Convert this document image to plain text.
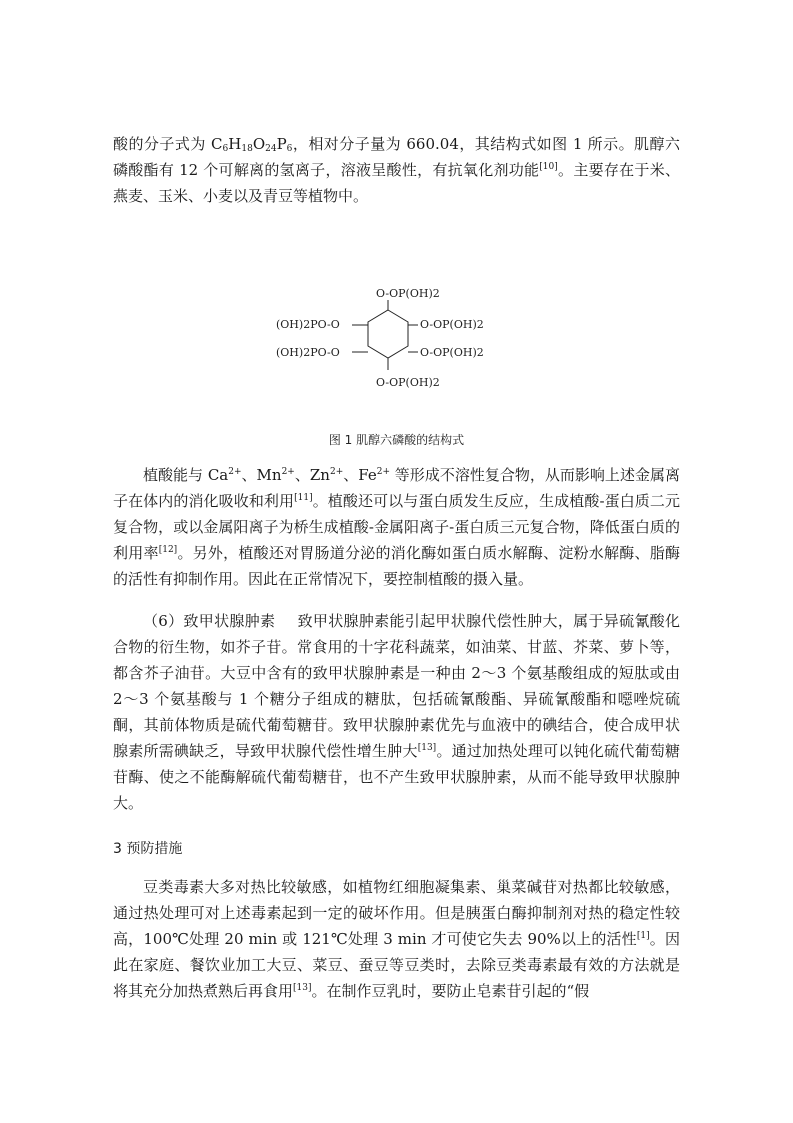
酸的分子式为 $C_6H_{18}O_{24}P_6$，相对分子量为 660.04，其结构式如图 1 所示。肌醇六磷酸酯有 12 个可解离的氢离子，溶液呈酸性，有抗氧化剂功能[10]。主要存在于米、燕麦、玉米、小麦以及青豆等植物中。

O-OP(OH)2
(OH)2PO-O	O-OP(OH)2
(OH)2PO-O	O-OP(OH)2
O-OP(OH)2
图 1 肌醇六磷酸的结构式

植酸能与 $Ca^{2+}$、$Mn^{2+}$、$Zn^{2+}$、$Fe^{2+}$ 等形成不溶性复合物，从而影响上述金属离子在体内的消化吸收和利用[11]。植酸还可以与蛋白质发生反应，生成植酸-蛋白质二元复合物，或以金属阳离子为桥生成植酸-金属阳离子-蛋白质三元复合物，降低蛋白质的利用率[12]。另外，植酸还对胃肠道分泌的消化酶如蛋白质水解酶、淀粉水解酶、脂酶的活性有抑制作用。因此在正常情况下，要控制植酸的摄入量。

（6）致甲状腺肿素 致甲状腺肿素能引起甲状腺代偿性肿大，属于异硫氰酸化合物的衍生物，如芥子苷。常食用的十字花科蔬菜，如油菜、甘蓝、芥菜、萝卜等，都含芥子油苷。大豆中含有的致甲状腺肿素是一种由 2～3 个氨基酸组成的短肽或由 2～3 个氨基酸与 1 个糖分子组成的糖肽，包括硫氰酸酯、异硫氰酸酯和噁唑烷硫酮，其前体物质是硫代葡萄糖苷。致甲状腺肿素优先与血液中的碘结合，使合成甲状腺素所需碘缺乏，导致甲状腺代偿性增生肿大[13]。通过加热处理可以钝化硫代葡萄糖苷酶、使之不能酶解硫代葡萄糖苷，也不产生致甲状腺肿素，从而不能导致甲状腺肿大。

3 预防措施

豆类毒素大多对热比较敏感，如植物红细胞凝集素、巢菜碱苷对热都比较敏感，通过热处理可对上述毒素起到一定的破坏作用。但是胰蛋白酶抑制剂对热的稳定性较高，100℃处理 20 min 或 121℃处理 3 min 才可使它失去 90%以上的活性[1]。因此在家庭、餐饮业加工大豆、菜豆、蚕豆等豆类时，去除豆类毒素最有效的方法就是将其充分加热煮熟后再食用[13]。在制作豆乳时，要防止皂素苷引起的“假
